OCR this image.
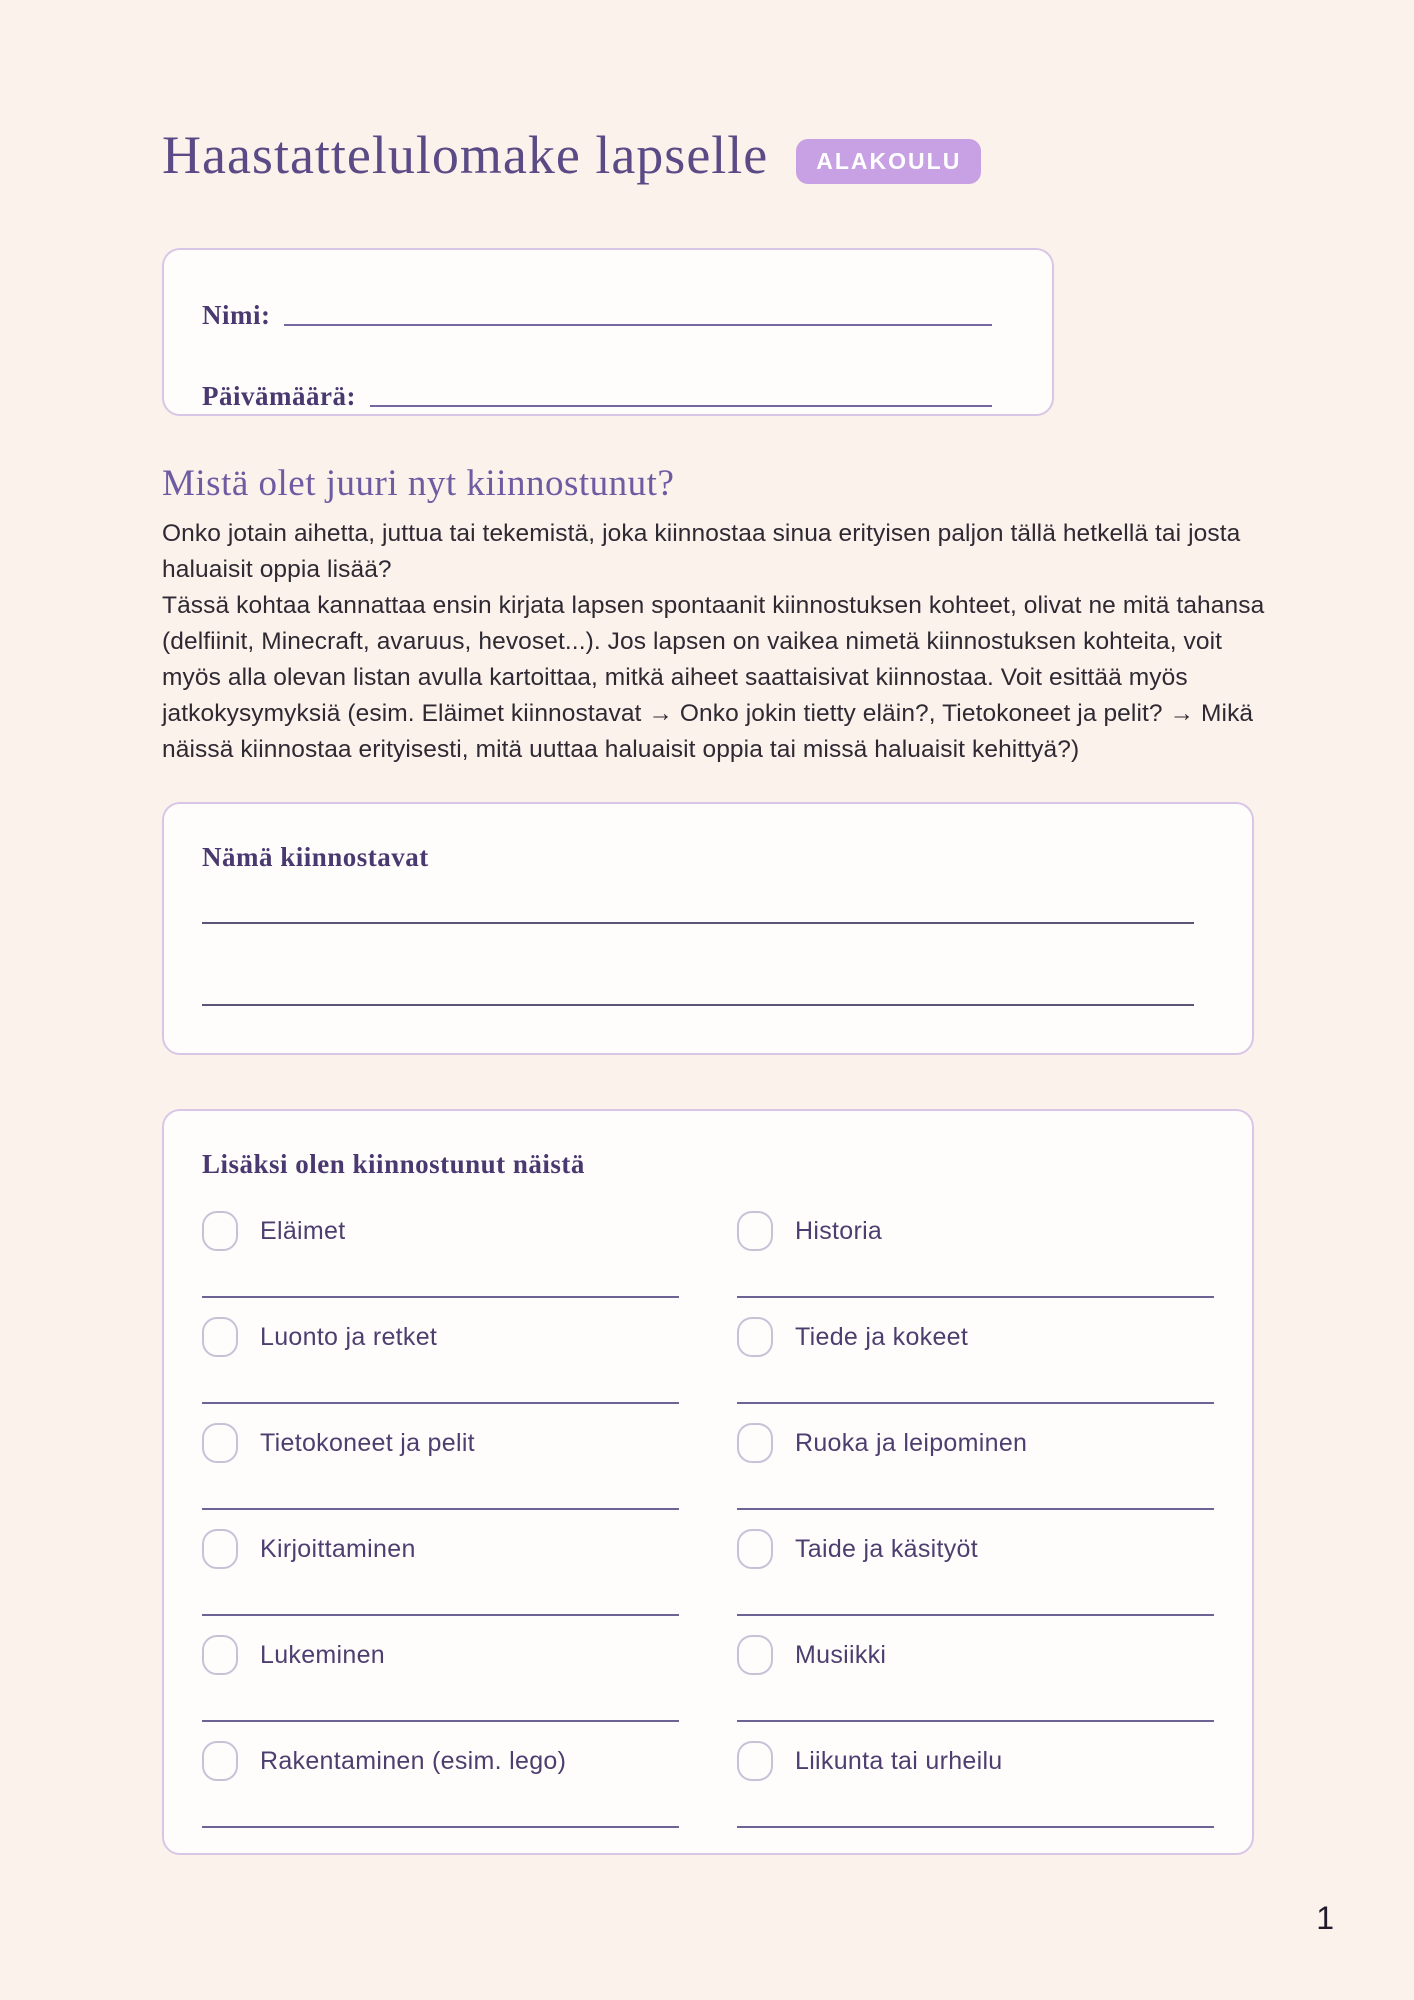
Haastattelulomake lapselle	ALAKOULU
Nimi:
Päivämäärä:
Mistä olet juuri nyt kiinnostunut?

Onko jotain aihetta, juttua tai tekemistä, joka kiinnostaa sinua erityisen paljon tällä hetkellä tai josta haluaisit oppia lisää?

Tässä kohtaa kannattaa ensin kirjata lapsen spontaanit kiinnostuksen kohteet, olivat ne mitä tahansa (delfiinit, Minecraft, avaruus, hevoset...). Jos lapsen on vaikea nimetä kiinnostuksen kohteita, voit myös alla olevan listan avulla kartoittaa, mitkä aiheet saattaisivat kiinnostaa. Voit esittää myös jatkokysymyksiä (esim. Eläimet kiinnostavat → Onko jokin tietty eläin?, Tietokoneet ja pelit? → Mikä näissä kiinnostaa erityisesti, mitä uuttaa haluaisit oppia tai missä haluaisit kehittyä?)

Nämä kiinnostavat
Lisäksi olen kiinnostunut näistä
Eläimet	Historia
Luonto ja retket	Tiede ja kokeet
Tietokoneet ja pelit	Ruoka ja leipominen
Kirjoittaminen	Taide ja käsityöt
Lukeminen	Musiikki
Rakentaminen (esim. lego)	Liikunta tai urheilu
1
